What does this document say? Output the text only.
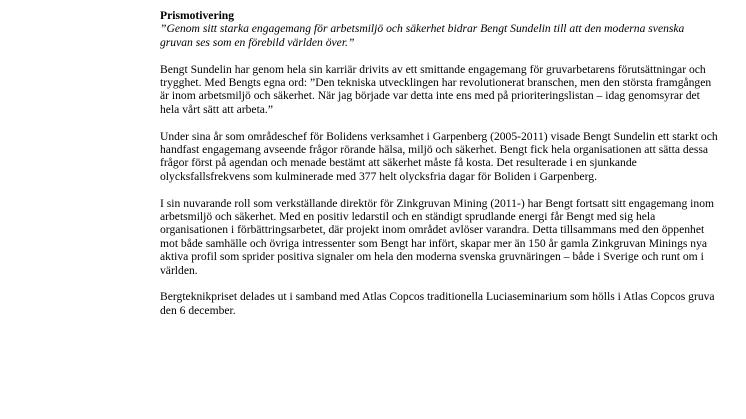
Prismotivering

”Genom sitt starka engagemang för arbetsmiljö och säkerhet bidrar Bengt Sundelin till att den moderna svenska gruvan ses som en förebild världen över.”

Bengt Sundelin har genom hela sin karriär drivits av ett smittande engagemang för gruvarbetarens förutsättningar och trygghet. Med Bengts egna ord: ”Den tekniska utvecklingen har revolutionerat branschen, men den största framgången är inom arbetsmiljö och säkerhet. När jag började var detta inte ens med på prioriteringslistan – idag genomsyrar det hela vårt sätt att arbeta.”

Under sina år som områdeschef för Bolidens verksamhet i Garpenberg (2005-2011) visade Bengt Sundelin ett starkt och handfast engagemang avseende frågor rörande hälsa, miljö och säkerhet. Bengt fick hela organisationen att sätta dessa frågor först på agendan och menade bestämt att säkerhet måste få kosta. Det resulterade i en sjunkande olycksfallsfrekvens som kulminerade med 377 helt olycksfria dagar för Boliden i Garpenberg.

I sin nuvarande roll som verkställande direktör för Zinkgruvan Mining (2011-) har Bengt fortsatt sitt engagemang inom arbetsmiljö och säkerhet. Med en positiv ledarstil och en ständigt sprudlande energi får Bengt med sig hela organisationen i förbättringsarbetet, där projekt inom området avlöser varandra. Detta tillsammans med den öppenhet mot både samhälle och övriga intressenter som Bengt har infört, skapar mer än 150 år gamla Zinkgruvan Minings nya aktiva profil som sprider positiva signaler om hela den moderna svenska gruvnäringen – både i Sverige och runt om i världen.

Bergteknikpriset delades ut i samband med Atlas Copcos traditionella Luciaseminarium som hölls i Atlas Copcos gruva den 6 december.
